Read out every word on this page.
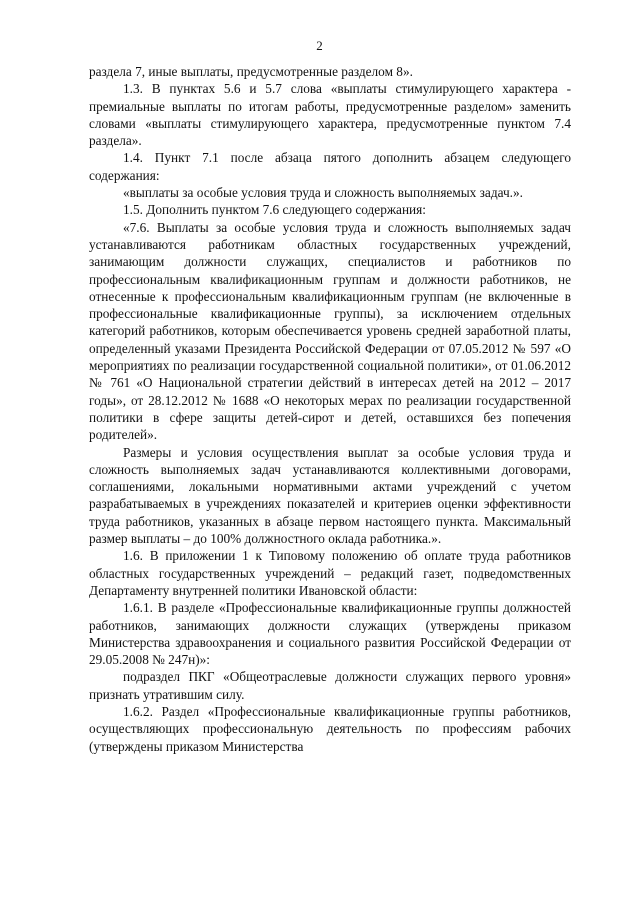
2

раздела 7, иные выплаты, предусмотренные разделом 8».

1.3. В пунктах 5.6 и 5.7 слова «выплаты стимулирующего характера - премиальные выплаты по итогам работы, предусмотренные разделом» заменить словами «выплаты стимулирующего характера, предусмотренные пунктом 7.4 раздела».

1.4. Пункт 7.1 после абзаца пятого дополнить абзацем следующего содержания:

«выплаты за особые условия труда и сложность выполняемых задач.».

1.5. Дополнить пунктом 7.6 следующего содержания:

«7.6. Выплаты за особые условия труда и сложность выполняемых задач устанавливаются работникам областных государственных учреждений, занимающим должности служащих, специалистов и работников по профессиональным квалификационным группам и должности работников, не отнесенные к профессиональным квалификационным группам (не включенные в профессиональные квалификационные группы), за исключением отдельных категорий работников, которым обеспечивается уровень средней заработной платы, определенный указами Президента Российской Федерации от 07.05.2012 № 597 «О мероприятиях по реализации государственной социальной политики», от 01.06.2012 № 761 «О Национальной стратегии действий в интересах детей на 2012 – 2017 годы», от 28.12.2012 № 1688 «О некоторых мерах по реализации государственной политики в сфере защиты детей-сирот и детей, оставшихся без попечения родителей».

Размеры и условия осуществления выплат за особые условия труда и сложность выполняемых задач устанавливаются коллективными договорами, соглашениями, локальными нормативными актами учреждений с учетом разрабатываемых в учреждениях показателей и критериев оценки эффективности труда работников, указанных в абзаце первом настоящего пункта. Максимальный размер выплаты – до 100% должностного оклада работника.».

1.6. В приложении 1 к Типовому положению об оплате труда работников областных государственных учреждений – редакций газет, подведомственных Департаменту внутренней политики Ивановской области:

1.6.1. В разделе «Профессиональные квалификационные группы должностей работников, занимающих должности служащих (утверждены приказом Министерства здравоохранения и социального развития Российской Федерации от 29.05.2008 № 247н)»:

подраздел ПКГ «Общеотраслевые должности служащих первого уровня» признать утратившим силу.

1.6.2. Раздел «Профессиональные квалификационные группы работников, осуществляющих профессиональную деятельность по профессиям рабочих (утверждены приказом Министерства
